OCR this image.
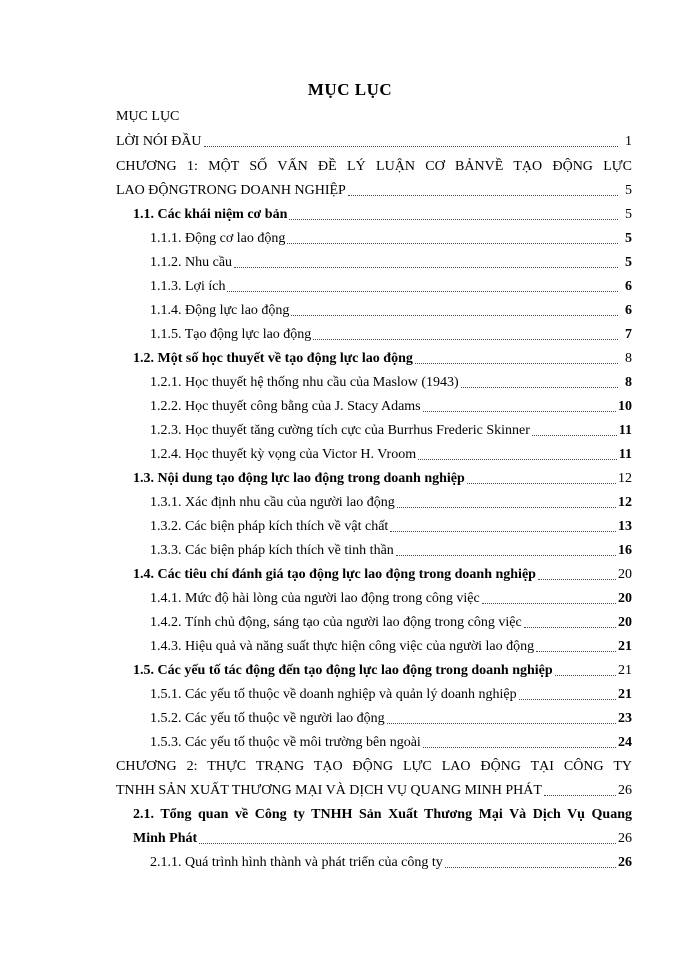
MỤC LỤC
MỤC LỤC
LỜI NÓI ĐẦU	1
CHƯƠNG 1: MỘT SỐ VẤN ĐỀ LÝ LUẬN CƠ BẢNVỀ TẠO ĐỘNG LỰC
LAO ĐỘNGTRONG DOANH NGHIỆP	5
1.1. Các khái niệm cơ bản	5
1.1.1. Động cơ lao động	5
1.1.2. Nhu cầu	5
1.1.3. Lợi ích	6
1.1.4. Động lực lao động	6
1.1.5. Tạo động lực lao động	7
1.2. Một số học thuyết về tạo động lực lao động	8
1.2.1. Học thuyết hệ thống nhu cầu của Maslow (1943)	8
1.2.2. Học thuyết công bằng của J. Stacy Adams	10
1.2.3. Học thuyết tăng cường tích cực của Burrhus Frederic Skinner	11
1.2.4. Học thuyết kỳ vọng của Victor H. Vroom	11
1.3. Nội dung tạo động lực lao động trong doanh nghiệp	12
1.3.1. Xác định nhu cầu của người lao động	12
1.3.2. Các biện pháp kích thích về vật chất	13
1.3.3. Các biện pháp kích thích về tinh thần	16
1.4. Các tiêu chí đánh giá tạo động lực lao động trong doanh nghiệp	20
1.4.1. Mức độ hài lòng của người lao động trong công việc	20
1.4.2. Tính chủ động, sáng tạo của người lao động trong công việc	20
1.4.3. Hiệu quả và năng suất thực hiện công việc của người lao động	21
1.5. Các yếu tố tác động đến tạo động lực lao động trong doanh nghiệp	21
1.5.1. Các yếu tố thuộc về doanh nghiệp và quản lý doanh nghiệp	21
1.5.2. Các yếu tố thuộc về người lao động	23
1.5.3. Các yếu tố thuộc về môi trường bên ngoài	24
CHƯƠNG 2: THỰC TRẠNG TẠO ĐỘNG LỰC LAO ĐỘNG TẠI CÔNG TY
TNHH SẢN XUẤT THƯƠNG MẠI VÀ DỊCH VỤ QUANG MINH PHÁT	26
2.1. Tổng quan về Công ty TNHH Sản Xuất Thương Mại Và Dịch Vụ Quang
Minh Phát	26
2.1.1. Quá trình hình thành và phát triển của công ty	26
